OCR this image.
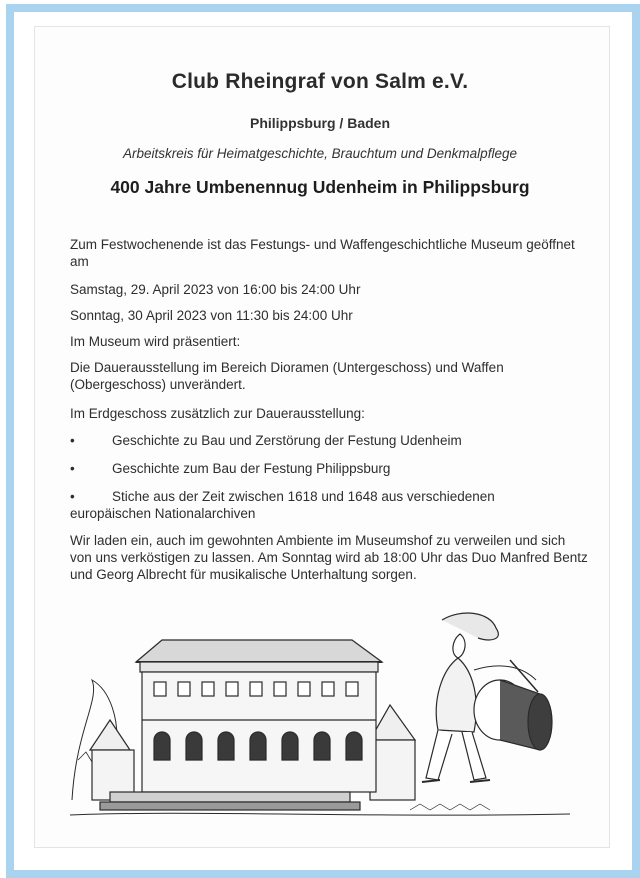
Club Rheingraf von Salm e.V.
Philippsburg / Baden
Arbeitskreis für Heimatgeschichte, Brauchtum und Denkmalpflege
400 Jahre Umbenennug Udenheim in Philippsburg
Zum Festwochenende ist das Festungs- und Waffengeschichtliche Museum geöffnet am
Samstag, 29. April 2023 von 16:00 bis 24:00 Uhr
Sonntag, 30 April 2023 von 11:30 bis 24:00 Uhr
Im Museum wird präsentiert:
Die Dauerausstellung im Bereich Dioramen (Untergeschoss) und Waffen (Obergeschoss) unverändert.
Im Erdgeschoss zusätzlich zur Dauerausstellung:
•	Geschichte zu Bau und Zerstörung der Festung Udenheim
•	Geschichte zum Bau der Festung Philippsburg
•	Stiche aus der Zeit zwischen 1618 und 1648 aus verschiedenen europäischen Nationalarchiven
Wir laden ein, auch im gewohnten Ambiente im Museumshof zu verweilen und sich von uns verköstigen zu lassen. Am Sonntag wird ab 18:00 Uhr das Duo Manfred Bentz und Georg Albrecht für musikalische Unterhaltung sorgen.
